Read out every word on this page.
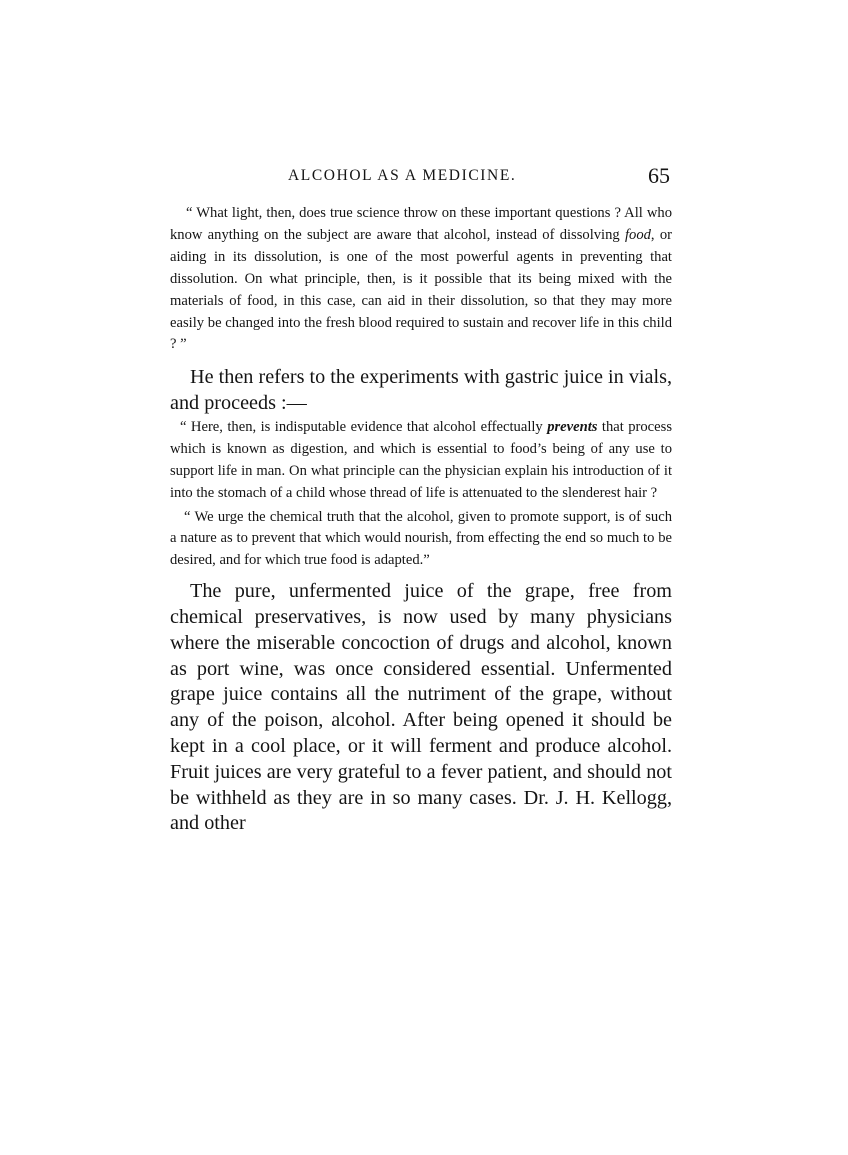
ALCOHOL AS A MEDICINE.	65

“ What light, then, does true science throw on these important questions ? All who know anything on the subject are aware that alcohol, instead of dissolving food, or aiding in its dissolution, is one of the most powerful agents in preventing that dissolution. On what principle, then, is it possible that its being mixed with the materials of food, in this case, can aid in their dissolution, so that they may more easily be changed into the fresh blood required to sustain and recover life in this child ? ”

He then refers to the experiments with gastric juice in vials, and proceeds :—

“ Here, then, is indisputable evidence that alcohol effectually prevents that process which is known as digestion, and which is essential to food’s being of any use to support life in man. On what principle can the physician explain his introduction of it into the stomach of a child whose thread of life is attenuated to the slenderest hair ?

“ We urge the chemical truth that the alcohol, given to promote support, is of such a nature as to prevent that which would nourish, from effecting the end so much to be desired, and for which true food is adapted.”

The pure, unfermented juice of the grape, free from chemical preservatives, is now used by many physicians where the miserable concoction of drugs and alcohol, known as port wine, was once considered essential. Unfermented grape juice contains all the nutriment of the grape, without any of the poison, alcohol. After being opened it should be kept in a cool place, or it will ferment and produce alcohol. Fruit juices are very grateful to a fever patient, and should not be withheld as they are in so many cases. Dr. J. H. Kellogg, and other
